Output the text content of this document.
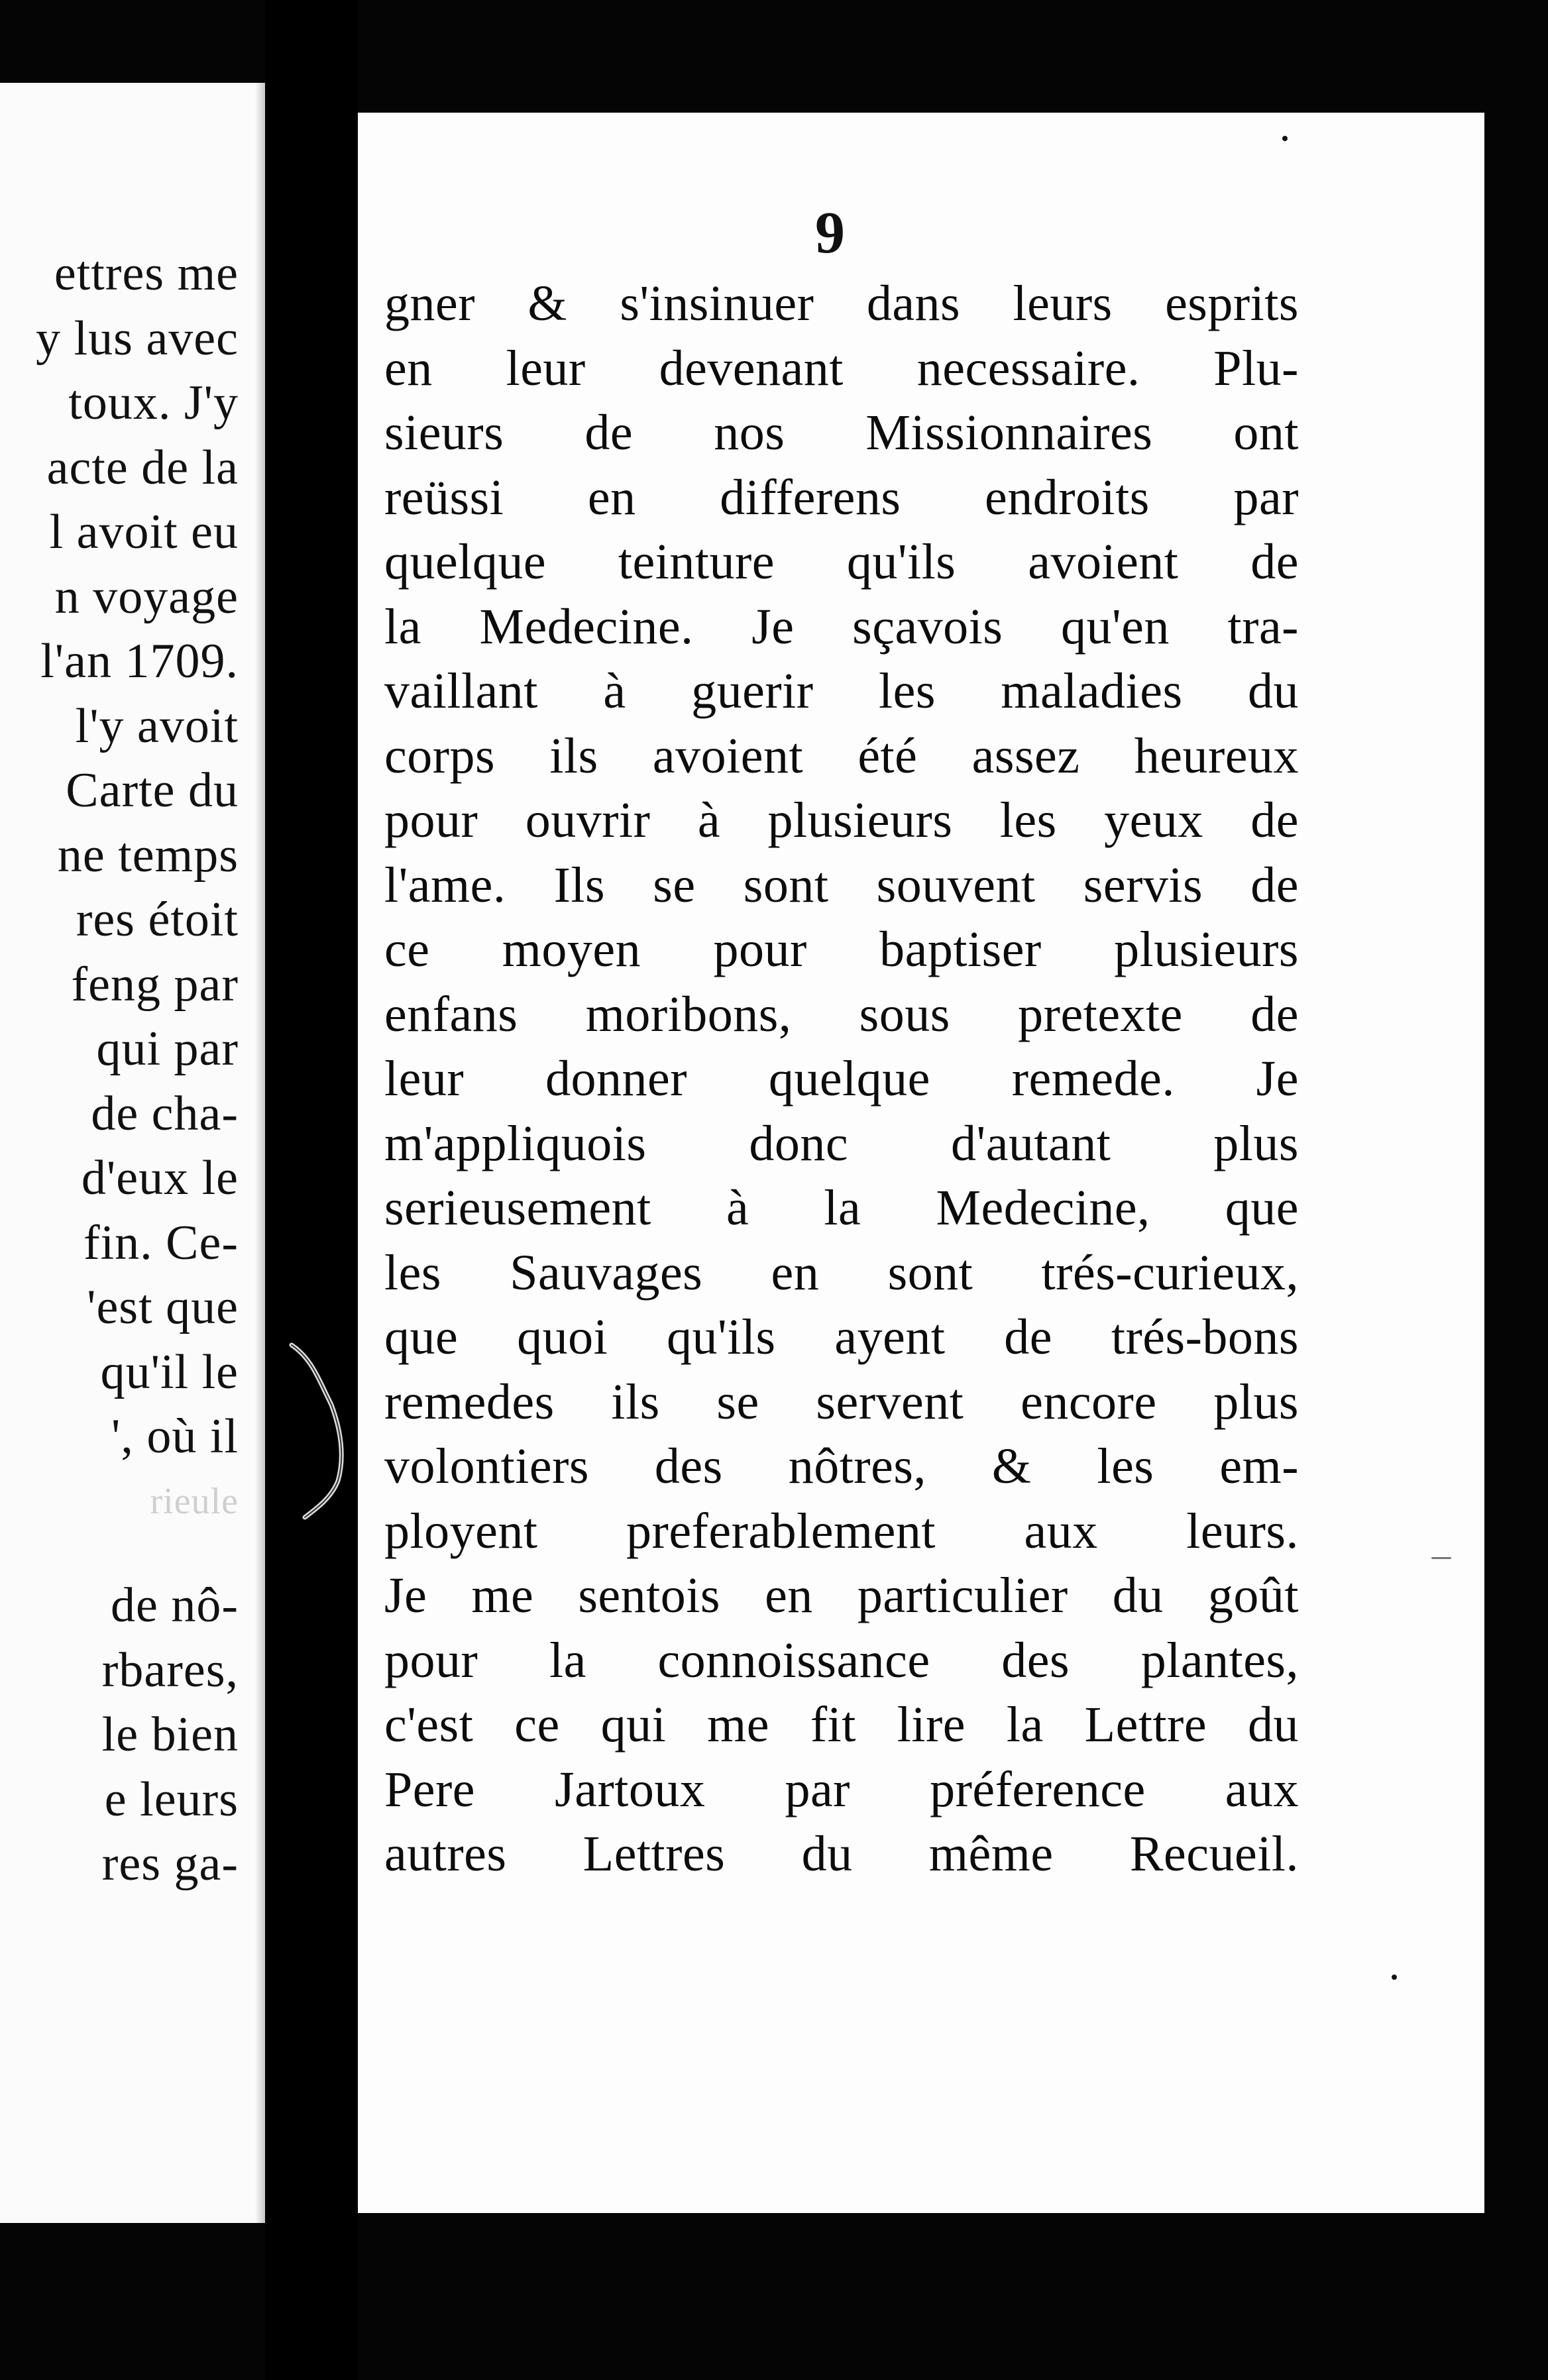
ettres me
y lus avec
toux. J'y
acte de la
l avoit eu
n voyage
l'an 1709.
l'y avoit
Carte du
ne temps
res étoit
feng par
qui par
de cha-
d'eux le
fin. Ce-
'est que
qu'il le
', où il
rieule
de nô-
rbares,
le bien
e leurs
res ga-
9
gner & s'insinuer dans leurs esprits
en leur devenant necessaire. Plu-
sieurs de nos Missionnaires ont
reüssi en differens endroits par
quelque teinture qu'ils avoient de
la Medecine. Je sçavois qu'en tra-
vaillant à guerir les maladies du
corps ils avoient été assez heureux
pour ouvrir à plusieurs les yeux de
l'ame. Ils se sont souvent servis de
ce moyen pour baptiser plusieurs
enfans moribons, sous pretexte de
leur donner quelque remede. Je
m'appliquois donc d'autant plus
serieusement à la Medecine, que
les Sauvages en sont trés-curieux,
que quoi qu'ils ayent de trés-bons
remedes ils se servent encore plus
volontiers des nôtres, & les em-
ployent preferablement aux leurs.
Je me sentois en particulier du goût
pour la connoissance des plantes,
c'est ce qui me fit lire la Lettre du
Pere Jartoux par préference aux
autres Lettres du même Recueil.
